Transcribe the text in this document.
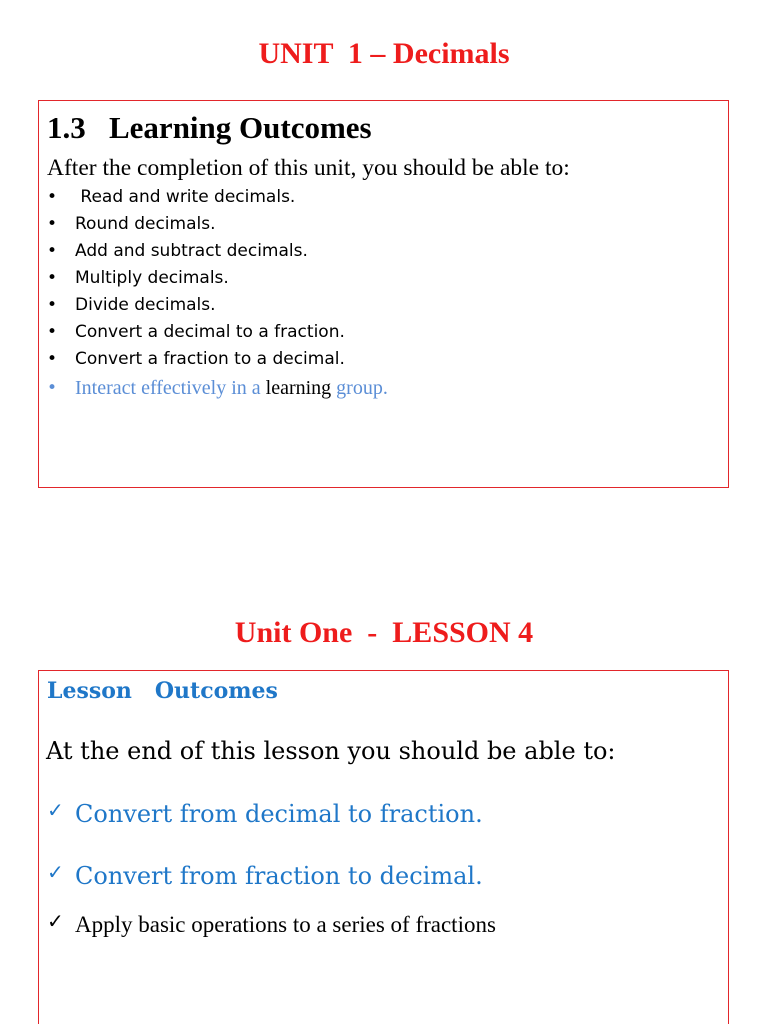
UNIT  1 – Decimals
1.3   Learning Outcomes
After the completion of this unit, you should be able to:
• Read and write decimals.
• Round decimals.
• Add and subtract decimals.
• Multiply decimals.
• Divide decimals.
• Convert a decimal to a fraction.
• Convert a fraction to a decimal.
• Interact effectively in a learning group.
Unit One  -  LESSON 4
Lesson   Outcomes
At the end of this lesson you should be able to:
✓ Convert from decimal to fraction.
✓ Convert from fraction to decimal.
✓ Apply basic operations to a series of fractions
